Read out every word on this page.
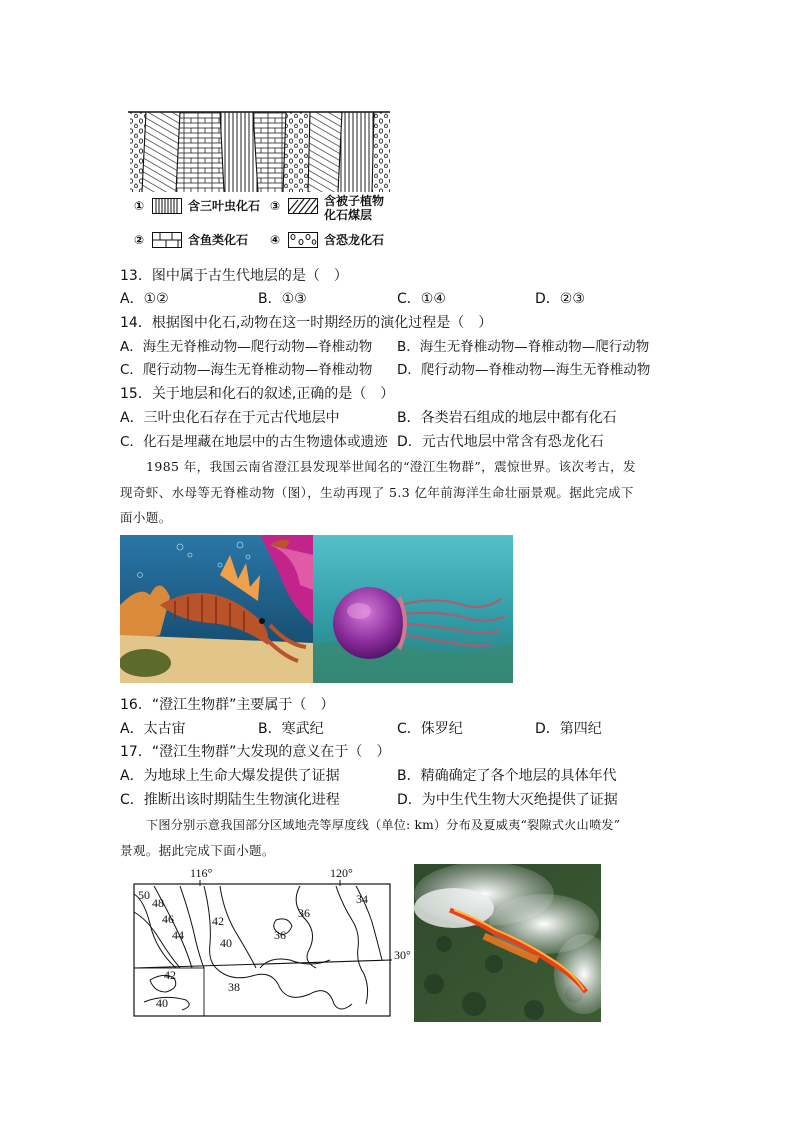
①	含三叶虫化石 ③	含被子植物
化石煤层
②	含鱼类化石 ④	含恐龙化石
13．图中属于古生代地层的是（　）
A．①②	B．①③	C．①④	D．②③
14．根据图中化石,动物在这一时期经历的演化过程是（　）
A．海生无脊椎动物—爬行动物—脊椎动物 B．海生无脊椎动物—脊椎动物—爬行动物
C．爬行动物—海生无脊椎动物—脊椎动物 D．爬行动物—脊椎动物—海生无脊椎动物
15．关于地层和化石的叙述,正确的是（　）
A．三叶虫化石存在于元古代地层中	B．各类岩石组成的地层中都有化石
C．化石是埋藏在地层中的古生物遗体或遗迹 D．元古代地层中常含有恐龙化石
1985 年，我国云南省澄江县发现举世闻名的“澄江生物群”，震惊世界。该次考古，发
现奇虾、水母等无脊椎动物（图），生动再现了 5.3 亿年前海洋生命壮丽景观。据此完成下
面小题。
16．“澄江生物群”主要属于（　）
A．太古宙	B．寒武纪	C．侏罗纪	D．第四纪
17．“澄江生物群”大发现的意义在于（　）
A．为地球上生命大爆发提供了证据	B．精确确定了各个地层的具体年代
C．推断出该时期陆生生物演化进程	D．为中生代生物大灭绝提供了证据
下图分别示意我国部分区域地壳等厚度线（单位: km）分布及夏威夷“裂隙式火山喷发”
景观。据此完成下面小题。
116°	120°
30°
50
48
46
44
42
40
36
36
34
42
38
40
